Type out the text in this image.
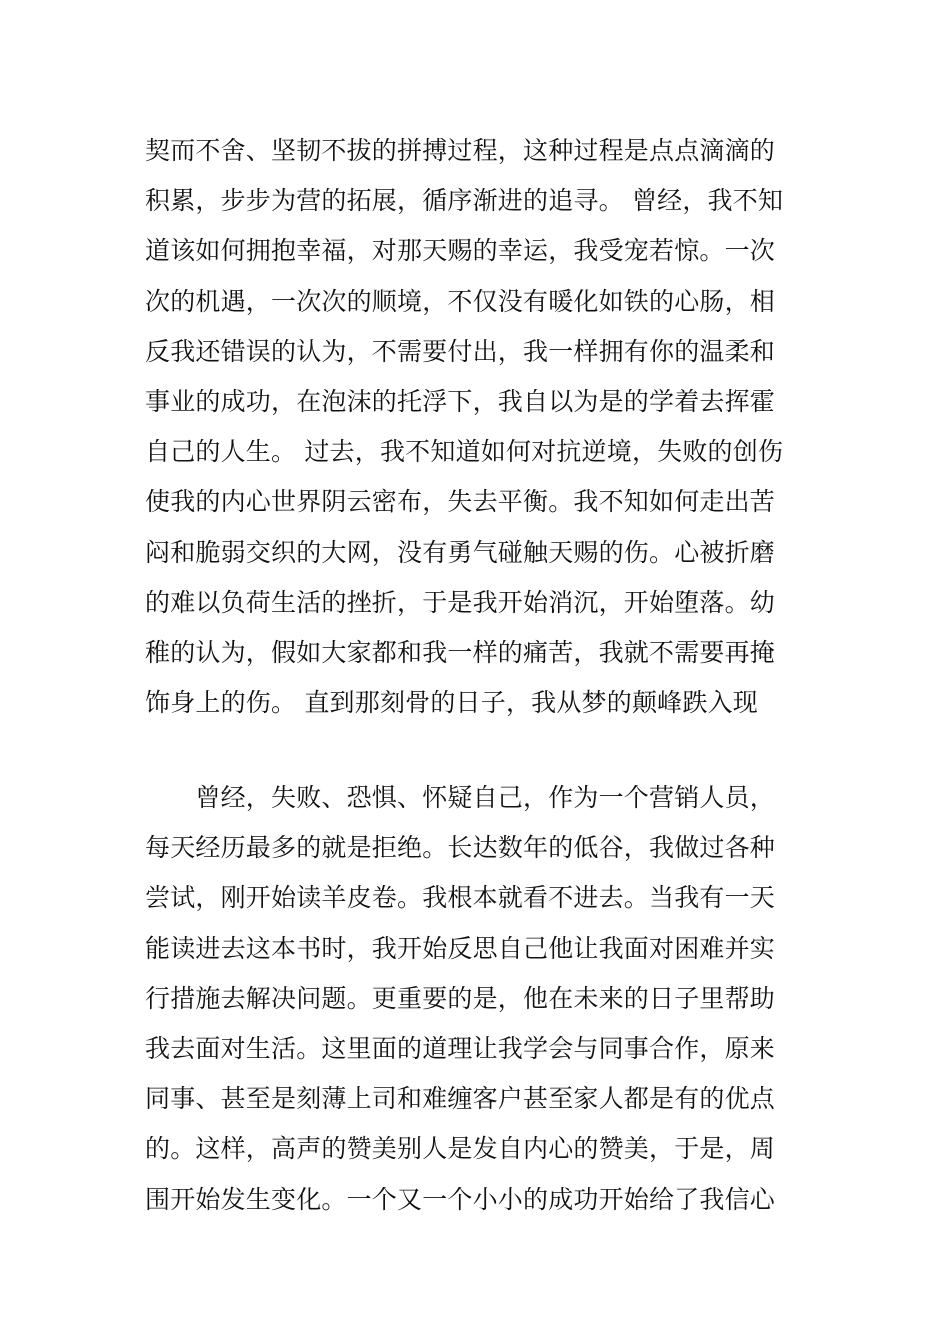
契而不舍、坚韧不拔的拼搏过程，这种过程是点点滴滴的
积累，步步为营的拓展，循序渐进的追寻。 曾经，我不知
道该如何拥抱幸福，对那天赐的幸运，我受宠若惊。一次
次的机遇，一次次的顺境，不仅没有暖化如铁的心肠，相
反我还错误的认为，不需要付出，我一样拥有你的温柔和
事业的成功，在泡沫的托浮下，我自以为是的学着去挥霍
自己的人生。 过去，我不知道如何对抗逆境，失败的创伤
使我的内心世界阴云密布，失去平衡。我不知如何走出苦
闷和脆弱交织的大网，没有勇气碰触天赐的伤。心被折磨
的难以负荷生活的挫折，于是我开始消沉，开始堕落。幼
稚的认为，假如大家都和我一样的痛苦，我就不需要再掩
饰身上的伤。 直到那刻骨的日子，我从梦的颠峰跌入现

　　曾经，失败、恐惧、怀疑自己，作为一个营销人员，
每天经历最多的就是拒绝。长达数年的低谷，我做过各种
尝试，刚开始读羊皮卷。我根本就看不进去。当我有一天
能读进去这本书时，我开始反思自己他让我面对困难并实
行措施去解决问题。更重要的是，他在未来的日子里帮助
我去面对生活。这里面的道理让我学会与同事合作，原来
同事、甚至是刻薄上司和难缠客户甚至家人都是有的优点
的。这样，高声的赞美别人是发自内心的赞美，于是，周
围开始发生变化。一个又一个小小的成功开始给了我信心
